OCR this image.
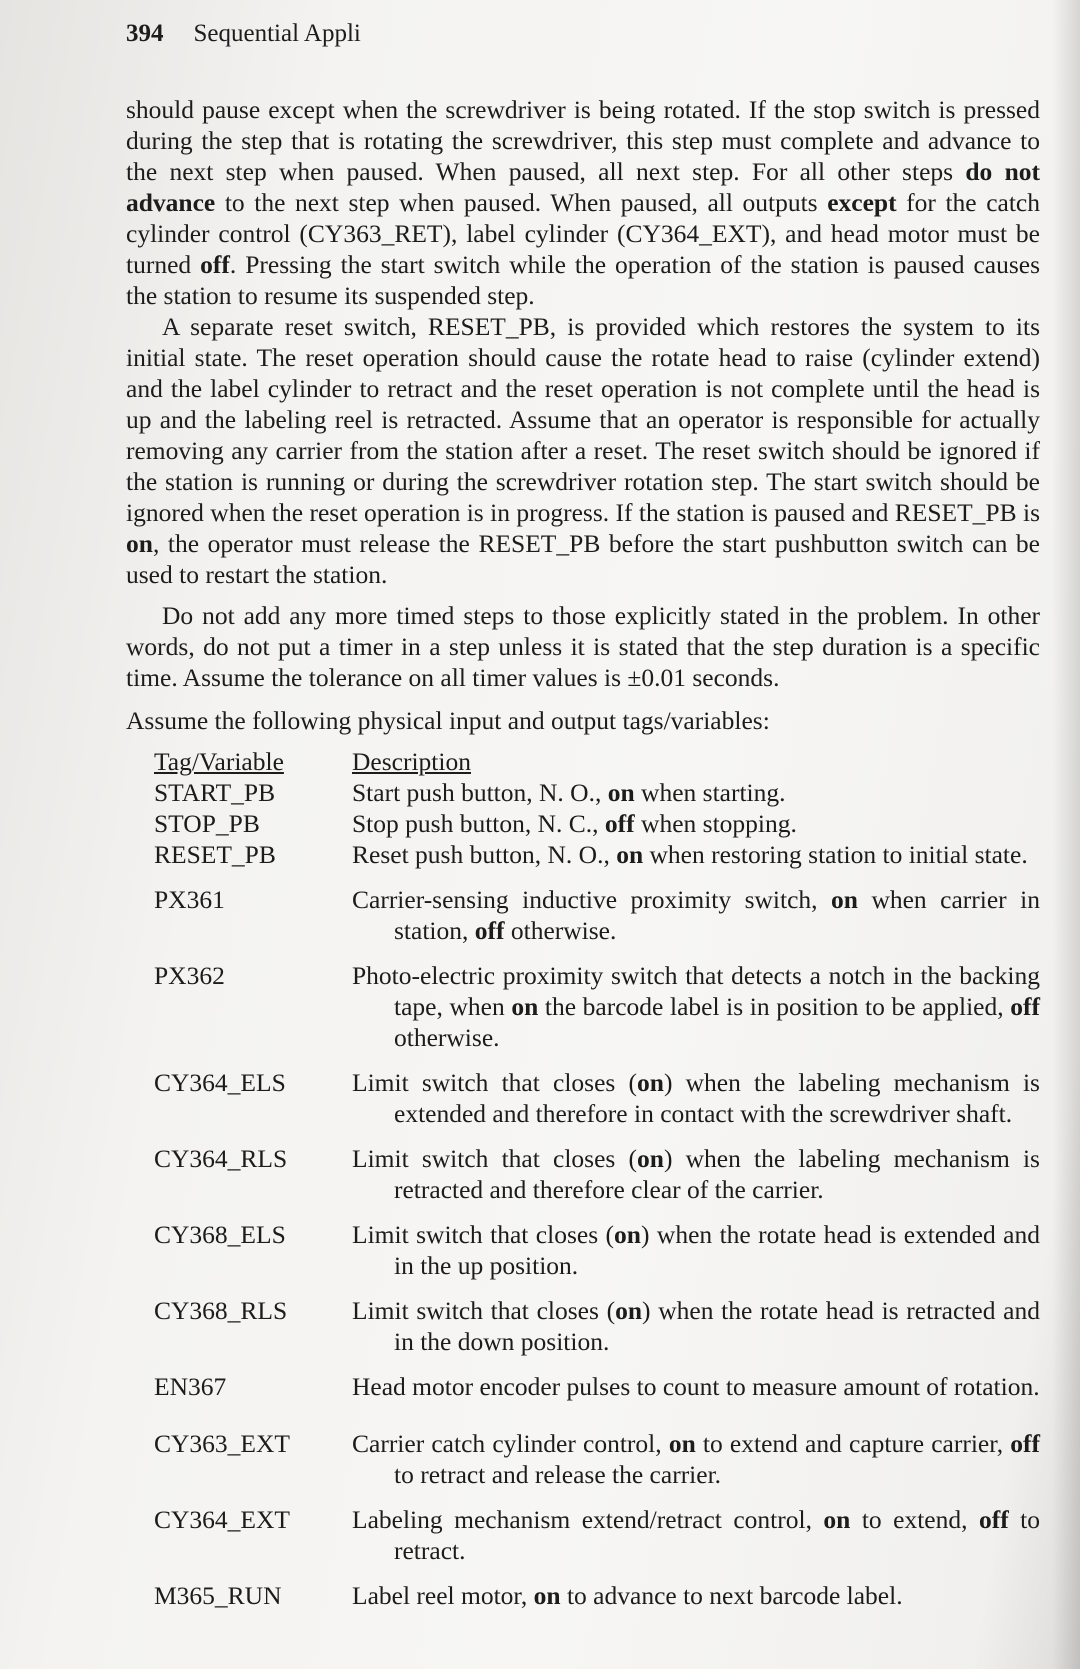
394 Sequential Appli

should pause except when the screwdriver is being rotated. If the stop switch is pressed during the step that is rotating the screwdriver, this step must complete and advance to the next step when paused. When paused, all next step. For all other steps do not advance to the next step when paused. When paused, all outputs except for the catch cylinder control (CY363_RET), label cylinder (CY364_EXT), and head motor must be turned off. Pressing the start switch while the operation of the station is paused causes the station to resume its suspended step.

A separate reset switch, RESET_PB, is provided which restores the system to its initial state. The reset operation should cause the rotate head to raise (cylinder extend) and the label cylinder to retract and the reset operation is not complete until the head is up and the labeling reel is retracted. Assume that an operator is responsible for actually removing any carrier from the station after a reset. The reset switch should be ignored if the station is running or during the screwdriver rotation step. The start switch should be ignored when the reset operation is in progress. If the station is paused and RESET_PB is on, the operator must release the RESET_PB before the start pushbutton switch can be used to restart the station.

Do not add any more timed steps to those explicitly stated in the problem. In other words, do not put a timer in a step unless it is stated that the step duration is a specific time. Assume the tolerance on all timer values is ±0.01 seconds.

Assume the following physical input and output tags/variables:
Tag/Variable	Description
START_PB	Start push button, N. O., on when starting.
STOP_PB	Stop push button, N. C., off when stopping.
RESET_PB	Reset push button, N. O., on when restoring station to initial state.
PX361	Carrier-sensing inductive proximity switch, on when carrier in station, off otherwise.
PX362	Photo-electric proximity switch that detects a notch in the backing tape, when on the barcode label is in position to be applied, off otherwise.
CY364_ELS	Limit switch that closes (on) when the labeling mechanism is extended and therefore in contact with the screwdriver shaft.
CY364_RLS	Limit switch that closes (on) when the labeling mechanism is retracted and therefore clear of the carrier.
CY368_ELS	Limit switch that closes (on) when the rotate head is extended and in the up position.
CY368_RLS	Limit switch that closes (on) when the rotate head is retracted and in the down position.
EN367	Head motor encoder pulses to count to measure amount of rotation.
CY363_EXT	Carrier catch cylinder control, on to extend and capture carrier, off to retract and release the carrier.
CY364_EXT	Labeling mechanism extend/retract control, on to extend, off to retract.
M365_RUN	Label reel motor, on to advance to next barcode label.
